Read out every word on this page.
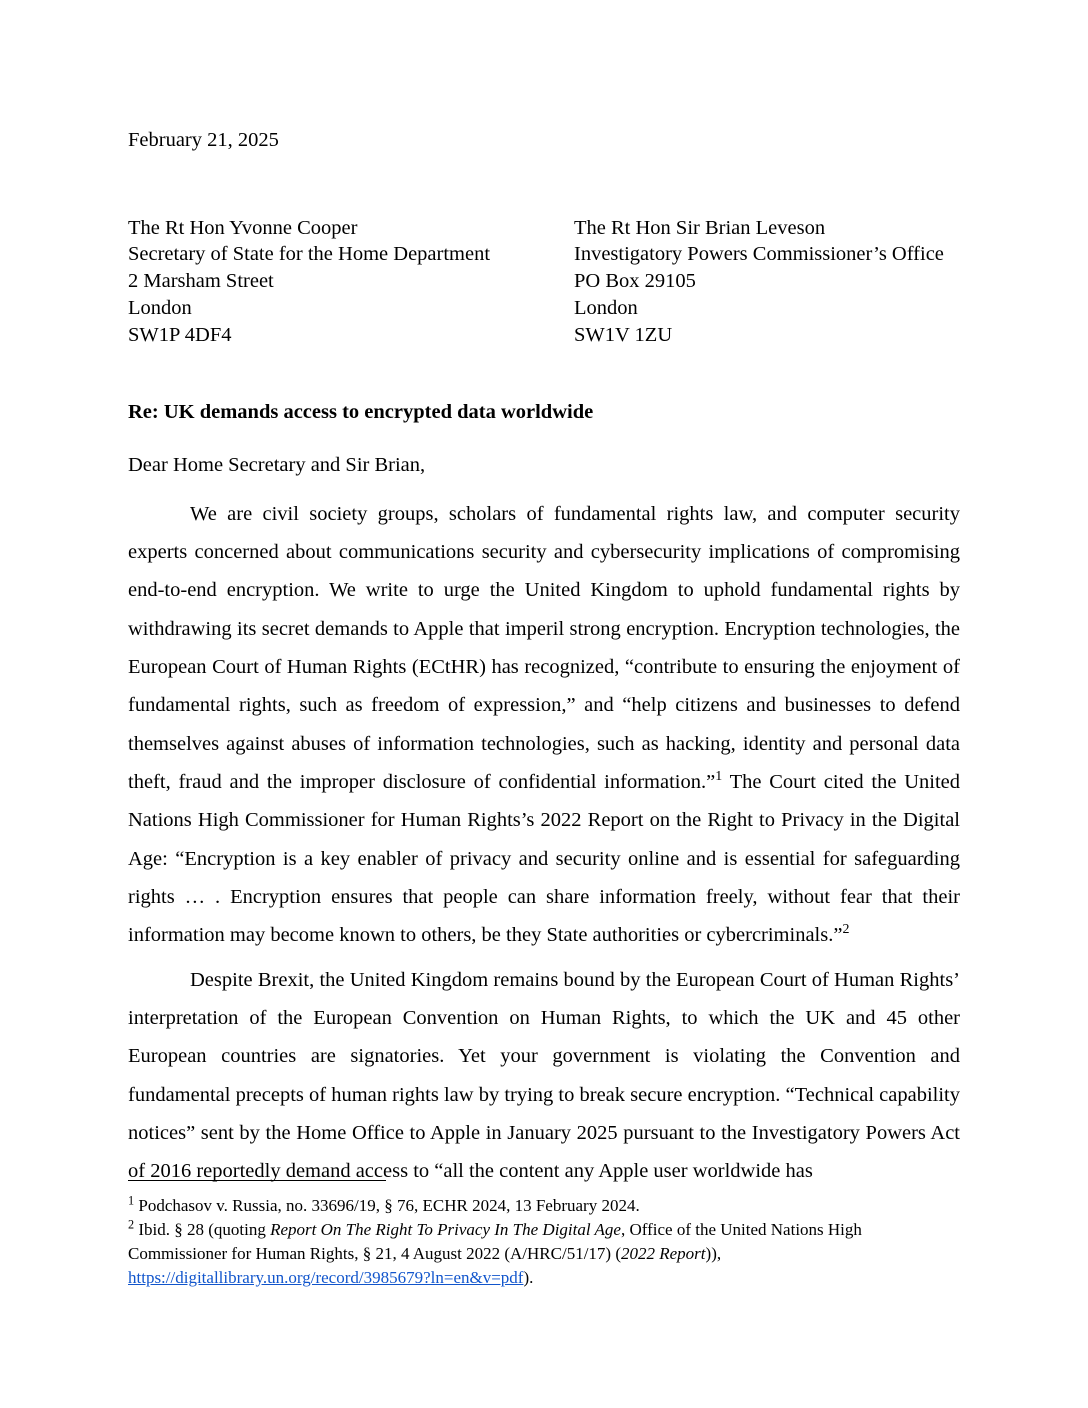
February 21, 2025
The Rt Hon Yvonne Cooper
Secretary of State for the Home Department
2 Marsham Street
London
SW1P 4DF4
The Rt Hon Sir Brian Leveson
Investigatory Powers Commissioner’s Office
PO Box 29105
London
SW1V 1ZU
Re: UK demands access to encrypted data worldwide
Dear Home Secretary and Sir Brian,

We are civil society groups, scholars of fundamental rights law, and computer security experts concerned about communications security and cybersecurity implications of compromising end-to-end encryption. We write to urge the United Kingdom to uphold fundamental rights by withdrawing its secret demands to Apple that imperil strong encryption. Encryption technologies, the European Court of Human Rights (ECtHR) has recognized, “contribute to ensuring the enjoyment of fundamental rights, such as freedom of expression,” and “help citizens and businesses to defend themselves against abuses of information technologies, such as hacking, identity and personal data theft, fraud and the improper disclosure of confidential information.”$^1$ The Court cited the United Nations High Commissioner for Human Rights’s 2022 Report on the Right to Privacy in the Digital Age: “Encryption is a key enabler of privacy and security online and is essential for safeguarding rights … . Encryption ensures that people can share information freely, without fear that their information may become known to others, be they State authorities or cybercriminals.”$^2$

Despite Brexit, the United Kingdom remains bound by the European Court of Human Rights’ interpretation of the European Convention on Human Rights, to which the UK and 45 other European countries are signatories. Yet your government is violating the Convention and fundamental precepts of human rights law by trying to break secure encryption. “Technical capability notices” sent by the Home Office to Apple in January 2025 pursuant to the Investigatory Powers Act of 2016 reportedly demand access to “all the content any Apple user worldwide has

$^1$ Podchasov v. Russia, no. 33696/19, § 76, ECHR 2024, 13 February 2024.

$^2$ Ibid. § 28 (quoting Report On The Right To Privacy In The Digital Age, Office of the United Nations High Commissioner for Human Rights, § 21, 4 August 2022 (A/HRC/51/17) (2022 Report)),
https://digitallibrary.un.org/record/3985679?ln=en&v=pdf).
